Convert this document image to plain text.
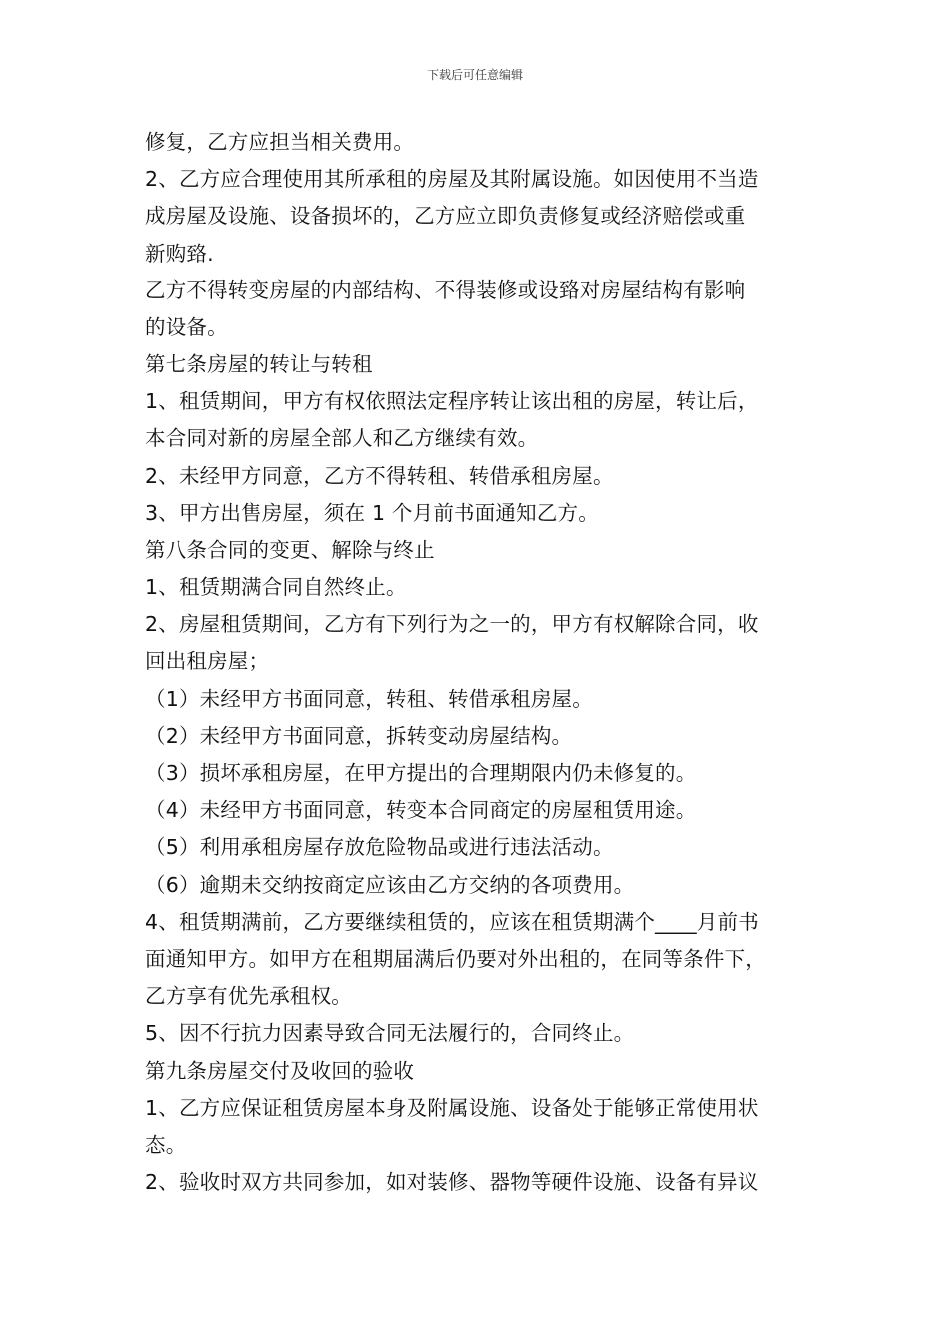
下载后可任意编辑
修复，乙方应担当相关费用。
2、乙方应合理使用其所承租的房屋及其附属设施。如因使用不当造
成房屋及设施、设备损坏的，乙方应立即负责修复或经济赔偿或重
新购臵.
乙方不得转变房屋的内部结构、不得装修或设臵对房屋结构有影响
的设备。
第七条房屋的转让与转租
1、租赁期间，甲方有权依照法定程序转让该出租的房屋，转让后，
本合同对新的房屋全部人和乙方继续有效。
2、未经甲方同意，乙方不得转租、转借承租房屋。
3、甲方出售房屋，须在 1 个月前书面通知乙方。
第八条合同的变更、解除与终止
1、租赁期满合同自然终止。
2、房屋租赁期间，乙方有下列行为之一的，甲方有权解除合同，收
回出租房屋；
（1）未经甲方书面同意，转租、转借承租房屋。
（2）未经甲方书面同意，拆转变动房屋结构。
（3）损坏承租房屋，在甲方提出的合理期限内仍未修复的。
（4）未经甲方书面同意，转变本合同商定的房屋租赁用途。
（5）利用承租房屋存放危险物品或进行违法活动。
（6）逾期未交纳按商定应该由乙方交纳的各项费用。
4、租赁期满前，乙方要继续租赁的，应该在租赁期满个____月前书
面通知甲方。如甲方在租期届满后仍要对外出租的，在同等条件下，
乙方享有优先承租权。
5、因不行抗力因素导致合同无法履行的，合同终止。
第九条房屋交付及收回的验收
1、乙方应保证租赁房屋本身及附属设施、设备处于能够正常使用状
态。
2、验收时双方共同参加，如对装修、器物等硬件设施、设备有异议
